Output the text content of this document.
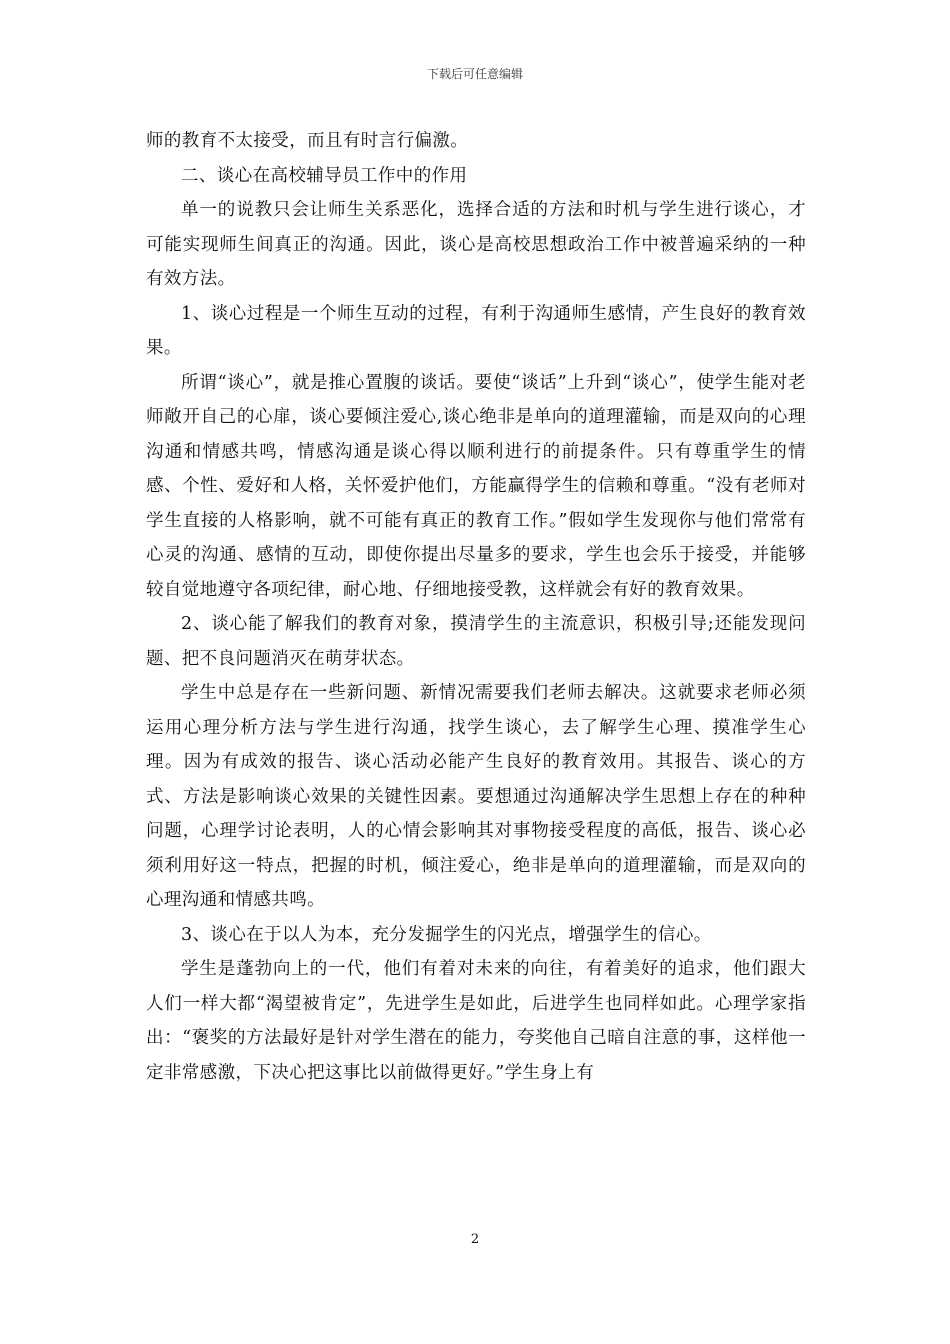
下载后可任意编辑

师的教育不太接受，而且有时言行偏激。

二、谈心在高校辅导员工作中的作用

单一的说教只会让师生关系恶化，选择合适的方法和时机与学生进行谈心，才可能实现师生间真正的沟通。因此，谈心是高校思想政治工作中被普遍采纳的一种有效方法。

1、谈心过程是一个师生互动的过程，有利于沟通师生感情，产生良好的教育效果。

所谓“谈心”，就是推心置腹的谈话。要使“谈话”上升到“谈心”，使学生能对老师敞开自己的心扉，谈心要倾注爱心,谈心绝非是单向的道理灌输，而是双向的心理沟通和情感共鸣，情感沟通是谈心得以顺利进行的前提条件。只有尊重学生的情感、个性、爱好和人格，关怀爱护他们，方能赢得学生的信赖和尊重。“没有老师对学生直接的人格影响，就不可能有真正的教育工作。”假如学生发现你与他们常常有心灵的沟通、感情的互动，即使你提出尽量多的要求，学生也会乐于接受，并能够较自觉地遵守各项纪律，耐心地、仔细地接受教，这样就会有好的教育效果。

2、谈心能了解我们的教育对象，摸清学生的主流意识，积极引导;还能发现问题、把不良问题消灭在萌芽状态。

学生中总是存在一些新问题、新情况需要我们老师去解决。这就要求老师必须运用心理分析方法与学生进行沟通，找学生谈心，去了解学生心理、摸准学生心理。因为有成效的报告、谈心活动必能产生良好的教育效用。其报告、谈心的方式、方法是影响谈心效果的关键性因素。要想通过沟通解决学生思想上存在的种种问题，心理学讨论表明，人的心情会影响其对事物接受程度的高低，报告、谈心必须利用好这一特点，把握的时机，倾注爱心，绝非是单向的道理灌输，而是双向的心理沟通和情感共鸣。

3、谈心在于以人为本，充分发掘学生的闪光点，增强学生的信心。

学生是蓬勃向上的一代，他们有着对未来的向往，有着美好的追求，他们跟大人们一样大都“渴望被肯定”，先进学生是如此，后进学生也同样如此。心理学家指出：“褒奖的方法最好是针对学生潜在的能力，夸奖他自己暗自注意的事，这样他一定非常感激，下决心把这事比以前做得更好。”学生身上有

2
